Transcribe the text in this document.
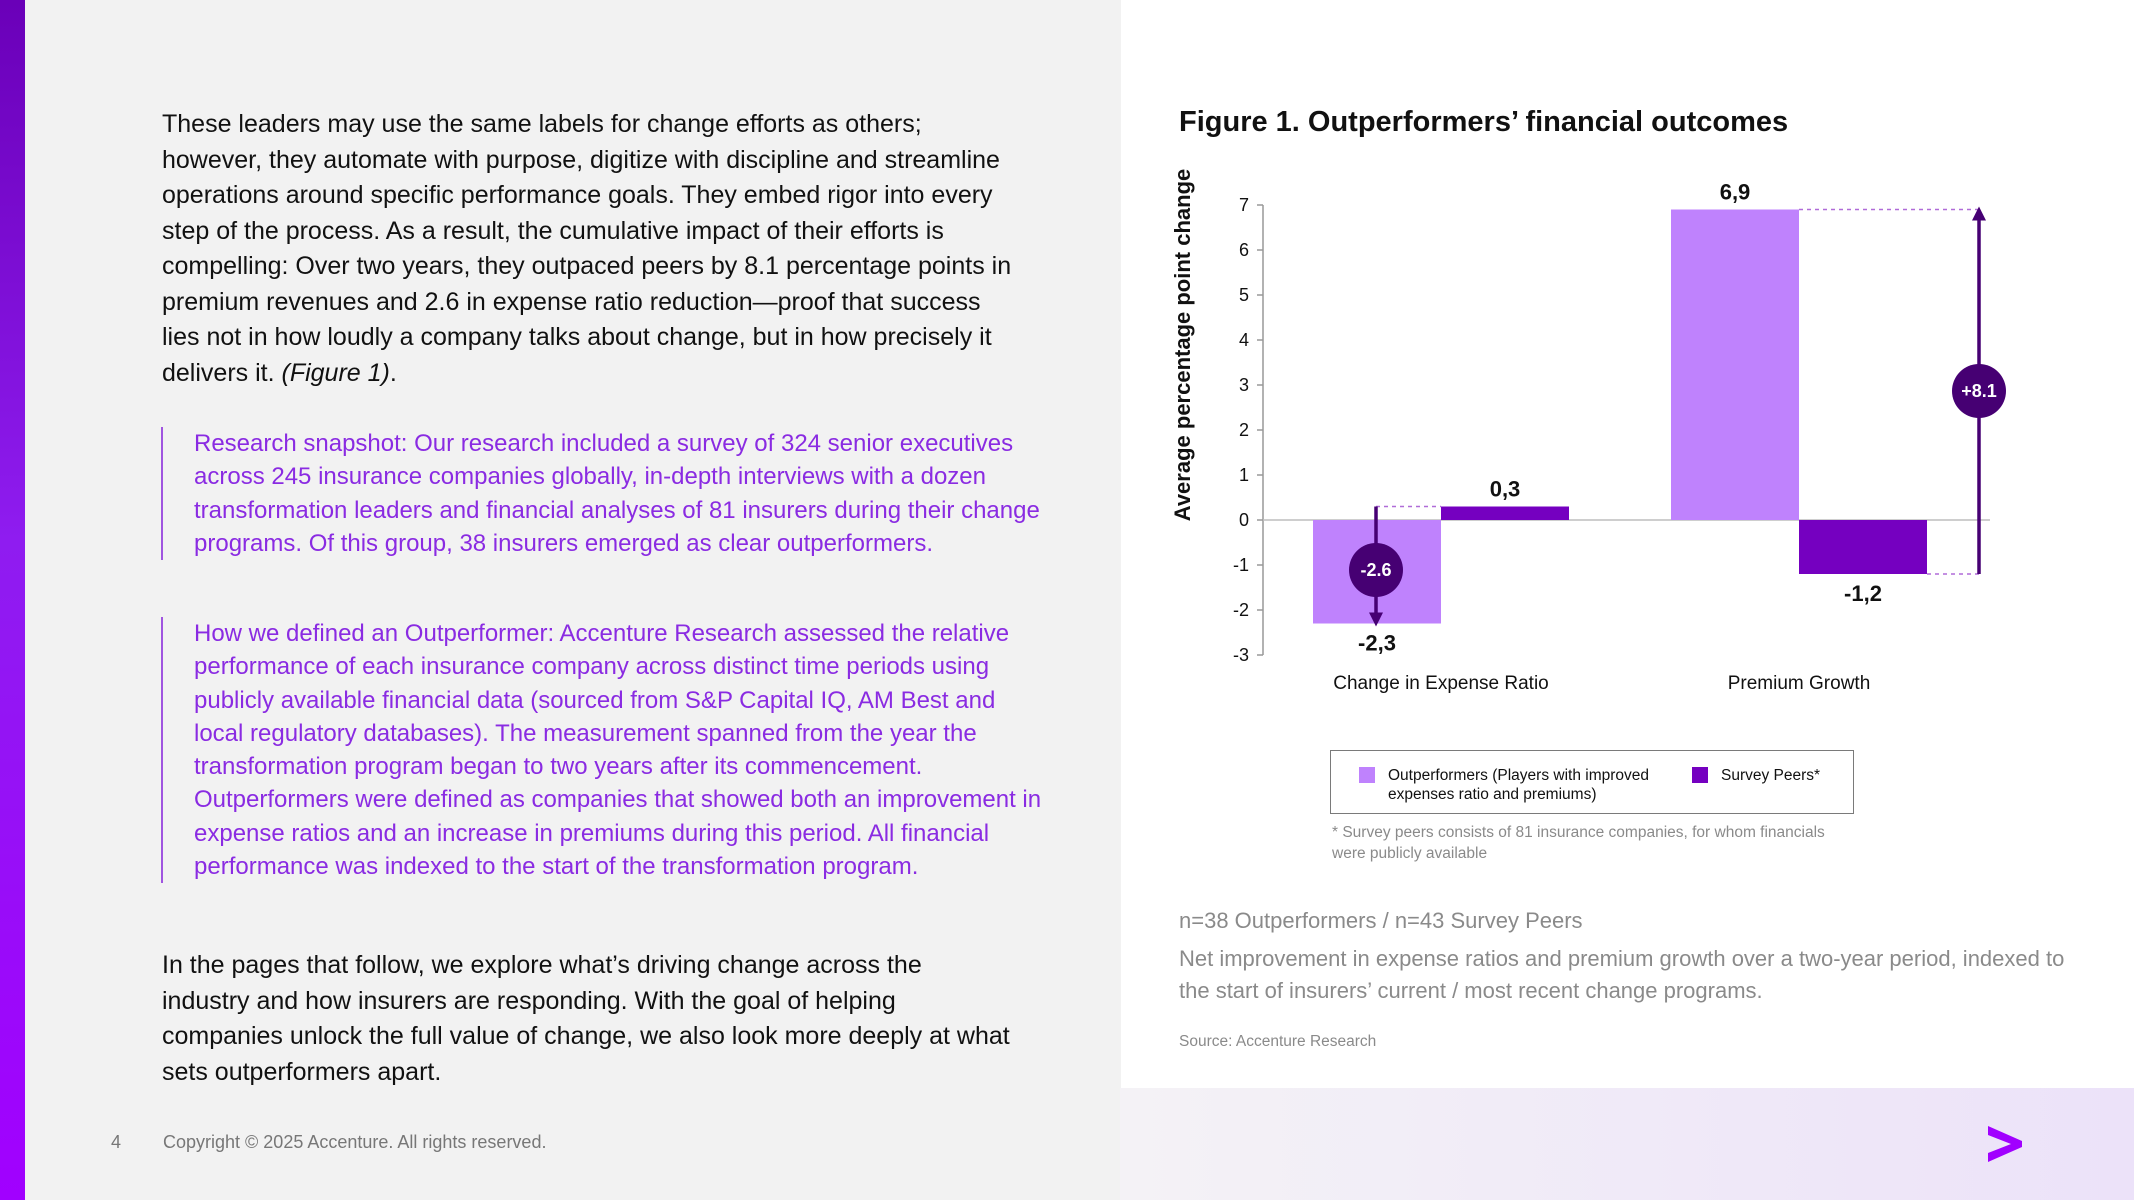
These leaders may use the same labels for change efforts as others; however, they automate with purpose, digitize with discipline and streamline operations around specific performance goals. They embed rigor into every step of the process. As a result, the cumulative impact of their efforts is compelling: Over two years, they outpaced peers by 8.1 percentage points in premium revenues and 2.6 in expense ratio reduction—proof that success lies not in how loudly a company talks about change, but in how precisely it delivers it. (Figure 1).

Research snapshot: Our research included a survey of 324 senior executives across 245 insurance companies globally, in-depth interviews with a dozen transformation leaders and financial analyses of 81 insurers during their change programs. Of this group, 38 insurers emerged as clear outperformers.

How we defined an Outperformer: Accenture Research assessed the relative performance of each insurance company across distinct time periods using publicly available financial data (sourced from S&P Capital IQ, AM Best and local regulatory databases). The measurement spanned from the year the transformation program began to two years after its commencement. Outperformers were defined as companies that showed both an improvement in expense ratios and an increase in premiums during this period. All financial performance was indexed to the start of the transformation program.

In the pages that follow, we explore what’s driving change across the industry and how insurers are responding. With the goal of helping companies unlock the full value of change, we also look more deeply at what sets outperformers apart.

4 Copyright © 2025 Accenture. All rights reserved.
Figure 1. Outperformers’ financial outcomes
Average percentage point change 7
6
5
4
3
2
1
0
-1
-2
-3	-2,3
6,9
0,3
-1,2
-2.6
+8.1
Change in Expense Ratio	Premium Growth
Outperformers (Players with improved expenses ratio and premiums)
Survey Peers*

* Survey peers consists of 81 insurance companies, for whom financials were publicly available

n=38 Outperformers / n=43 Survey Peers

Net improvement in expense ratios and premium growth over a two-year period, indexed to the start of insurers’ current / most recent change programs.

Source: Accenture Research
